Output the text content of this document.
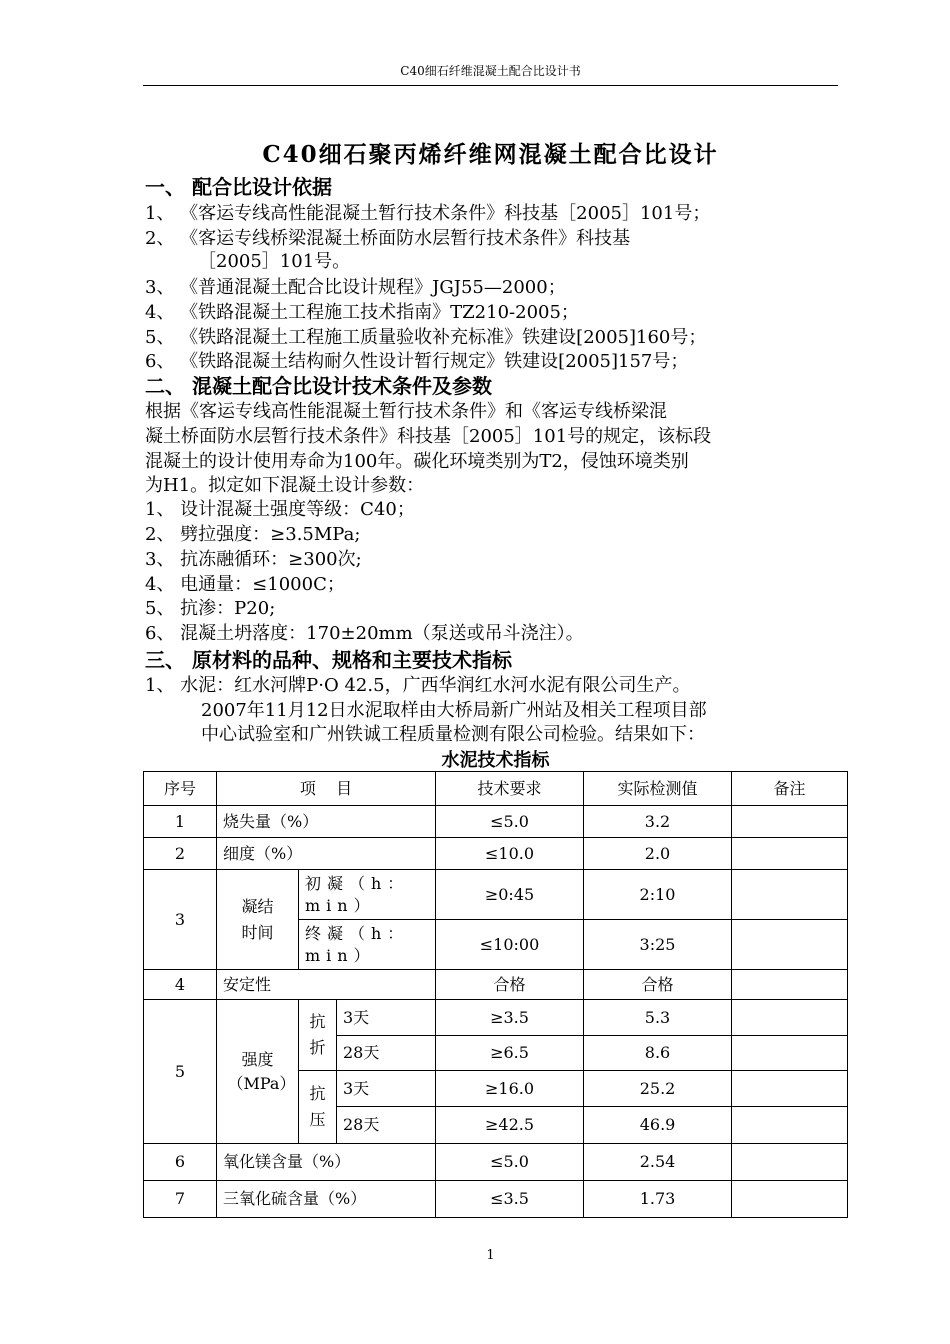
C40细石纤维混凝土配合比设计书
C40细石聚丙烯纤维网混凝土配合比设计
一、 配合比设计依据
1、 《客运专线高性能混凝土暂行技术条件》科技基［2005］101号；
2、 《客运专线桥梁混凝土桥面防水层暂行技术条件》科技基
［2005］101号。
3、 《普通混凝土配合比设计规程》JGJ55—2000；
4、 《铁路混凝土工程施工技术指南》TZ210-2005；
5、 《铁路混凝土工程施工质量验收补充标准》铁建设[2005]160号；
6、 《铁路混凝土结构耐久性设计暂行规定》铁建设[2005]157号；
二、 混凝土配合比设计技术条件及参数
根据《客运专线高性能混凝土暂行技术条件》和《客运专线桥梁混
凝土桥面防水层暂行技术条件》科技基［2005］101号的规定，该标段
混凝土的设计使用寿命为100年。碳化环境类别为T2，侵蚀环境类别
为H1。拟定如下混凝土设计参数：
1、 设计混凝土强度等级：C40；
2、 劈拉强度：≥3.5MPa;
3、 抗冻融循环：≥300次;
4、 电通量：≤1000C；
5、 抗渗：P20;
6、 混凝土坍落度：170±20mm（泵送或吊斗浇注）。
三、 原材料的品种、规格和主要技术指标
1、 水泥：红水河牌P·O 42.5，广西华润红水河水泥有限公司生产。
2007年11月12日水泥取样由大桥局新广州站及相关工程项目部
中心试验室和广州铁诚工程质量检测有限公司检验。结果如下：
水泥技术指标
序号	项    目			技术要求	实际检测值	备注
1	烧失量（%）			≤5.0	3.2	
2	细度（%）			≤10.0	2.0	
3	凝结时间	初凝（h：min）		≥0:45	2:10	
		终凝（h：min）		≤10:00	3:25	
4	安定性			合格	合格	
5	强度（MPa）	抗折	3天	≥3.5	5.3	
			28天	≥6.5	8.6	

		抗压	3天	≥16.0	25.2	
			28天	≥42.5	46.9	
6	氧化镁含量（%）			≤5.0	2.54	
7	三氧化硫含量（%）			≤3.5	1.73	
1
